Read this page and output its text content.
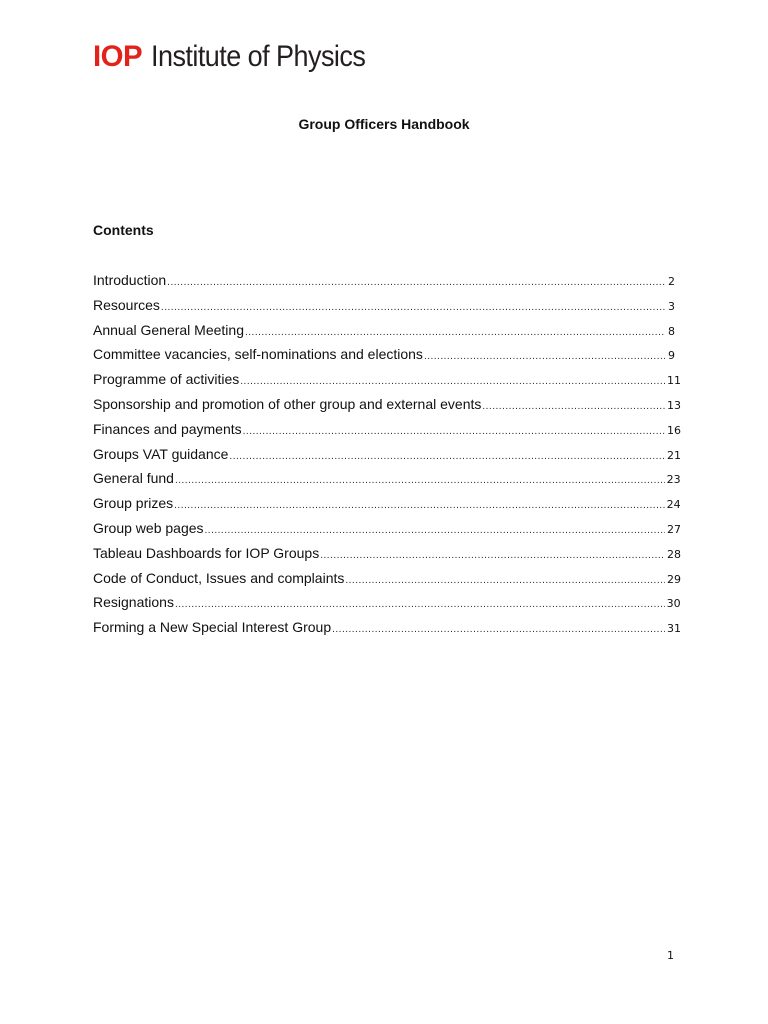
IOP Institute of Physics
Group Officers Handbook
Contents
Introduction .....	2
Resources .....	3
Annual General Meeting .....	8
Committee vacancies, self-nominations and elections .....	9
Programme of activities .....	11
Sponsorship and promotion of other group and external events .....	13
Finances and payments .....	16
Groups VAT guidance .....	21
General fund .....	23
Group prizes .....	24
Group web pages .....	27
Tableau Dashboards for IOP Groups .....	28
Code of Conduct, Issues and complaints .....	29
Resignations .....	30
Forming a New Special Interest Group .....	31
1
